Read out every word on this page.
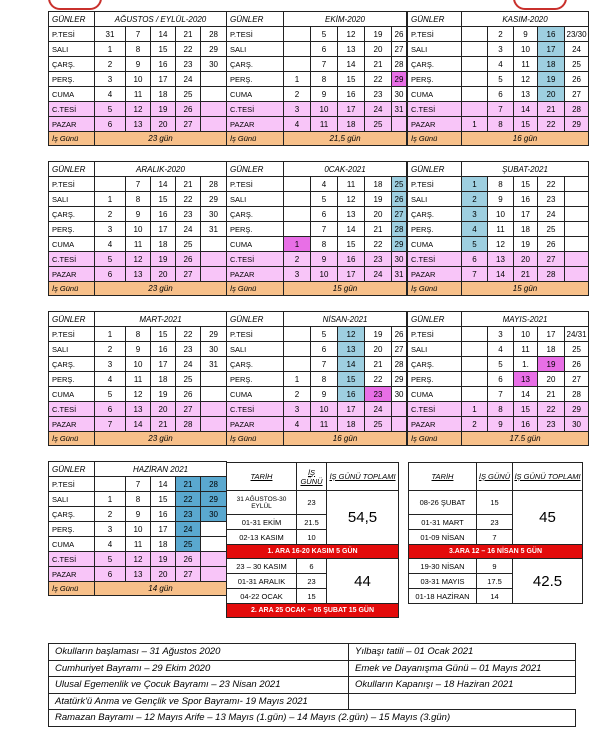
GÜNLER	AĞUSTOS / EYLÜL-2020				
P.TESİ	31	7	14	21	28
SALI	1	8	15	22	29
ÇARŞ.	2	9	16	23	30
PERŞ.	3	10	17	24	
CUMA	4	11	18	25	
C.TESİ	5	12	19	26	
PAZAR	6	13	20	27	
İş Günü	23 gün				
GÜNLER	EKİM-2020				
P.TESİ		5	12	19	26
SALI		6	13	20	27
ÇARŞ.		7	14	21	28
PERŞ.	1	8	15	22	29
CUMA	2	9	16	23	30
C.TESİ	3	10	17	24	31
PAZAR	4	11	18	25	
İş Günü	21,5 gün				
GÜNLER	KASIM-2020				
P.TESİ		2	9	16	23/30
SALI		3	10	17	24
ÇARŞ.		4	11	18	25
PERŞ.		5	12	19	26
CUMA		6	13	20	27
C.TESİ		7	14	21	28
PAZAR	1	8	15	22	29
İş Günü	16 gün				
GÜNLER	ARALIK-2020				
P.TESİ		7	14	21	28
SALI	1	8	15	22	29
ÇARŞ.	2	9	16	23	30
PERŞ.	3	10	17	24	31
CUMA	4	11	18	25	
C.TESİ	5	12	19	26	
PAZAR	6	13	20	27	
İş Günü	23 gün				
GÜNLER	0CAK-2021				
P.TESİ		4	11	18	25
SALI		5	12	19	26
ÇARŞ.		6	13	20	27
PERŞ.		7	14	21	28
CUMA	1	8	15	22	29
C.TESİ	2	9	16	23	30
PAZAR	3	10	17	24	31
İş Günü	15 gün				
GÜNLER	ŞUBAT-2021				
P.TESİ	1	8	15	22	
SALI	2	9	16	23	
ÇARŞ.	3	10	17	24	
PERŞ.	4	11	18	25	
CUMA	5	12	19	26	
C.TESİ	6	13	20	27	
PAZAR	7	14	21	28	
İş Günü	15 gün				
GÜNLER	MART-2021				
P.TESİ	1	8	15	22	29
SALI	2	9	16	23	30
ÇARŞ.	3	10	17	24	31
PERŞ.	4	11	18	25	
CUMA	5	12	19	26	
C.TESİ	6	13	20	27	
PAZAR	7	14	21	28	
İş Günü	23 gün				
GÜNLER	NİSAN-2021				
P.TESİ		5	12	19	26
SALI		6	13	20	27
ÇARŞ.		7	14	21	28
PERŞ.	1	8	15	22	29
CUMA	2	9	16	23	30
C.TESİ	3	10	17	24	
PAZAR	4	11	18	25	
İş Günü	16 gün				
GÜNLER	MAYIS-2021				
P.TESİ		3	10	17	24/31
SALI		4	11	18	25
ÇARŞ.		5	1.	19	26
PERŞ.		6	13	20	27
CUMA		7	14	21	28
C.TESİ	1	8	15	22	29
PAZAR	2	9	16	23	30
İş Günü	17.5 gün				
GÜNLER	HAZİRAN 2021				
P.TESİ		7	14	21	28
SALI	1	8	15	22	29
ÇARŞ.	2	9	16	23	30
PERŞ.	3	10	17	24	
CUMA	4	11	18	25	
C.TESİ	5	12	19	26	
PAZAR	6	13	20	27	
İş Günü	14 gün				
TARİH	İŞ GÜNÜ	İŞ GÜNÜ TOPLAMI
31 AĞUSTOS-30 EYLÜL	23	54,5
01-31 EKİM	21.5	
02-13 KASIM	10	
1. ARA 16-20 KASIM 5 GÜN		
23 – 30 KASIM	6	44
01-31 ARALIK	23	
04-22 OCAK	15	
2. ARA 25 OCAK – 05 ŞUBAT 15 GÜN		
TARİH	İŞ GÜNÜ	İŞ GÜNÜ TOPLAMI
08-26 ŞUBAT	15	45
01-31 MART	23	
01-09 NİSAN	7	
3.ARA 12 – 16 NİSAN 5 GÜN		
19-30 NİSAN	9	42.5
03-31 MAYIS	17.5	
01-18 HAZİRAN	14	
Okulların başlaması – 31 Ağustos 2020	Yılbaşı tatili – 01 Ocak 2021
Cumhuriyet Bayramı – 29 Ekim 2020	Emek ve Dayanışma Günü – 01 Mayıs 2021
Ulusal Egemenlik ve Çocuk Bayramı – 23 Nisan 2021	Okulların Kapanışı – 18 Haziran 2021
Atatürk'ü Anma ve Gençlik ve Spor Bayramı- 19 Mayıs 2021	
Ramazan Bayramı – 12 Mayıs Arife – 13 Mayıs (1.gün) – 14 Mayıs (2.gün) – 15 Mayıs (3.gün)	
